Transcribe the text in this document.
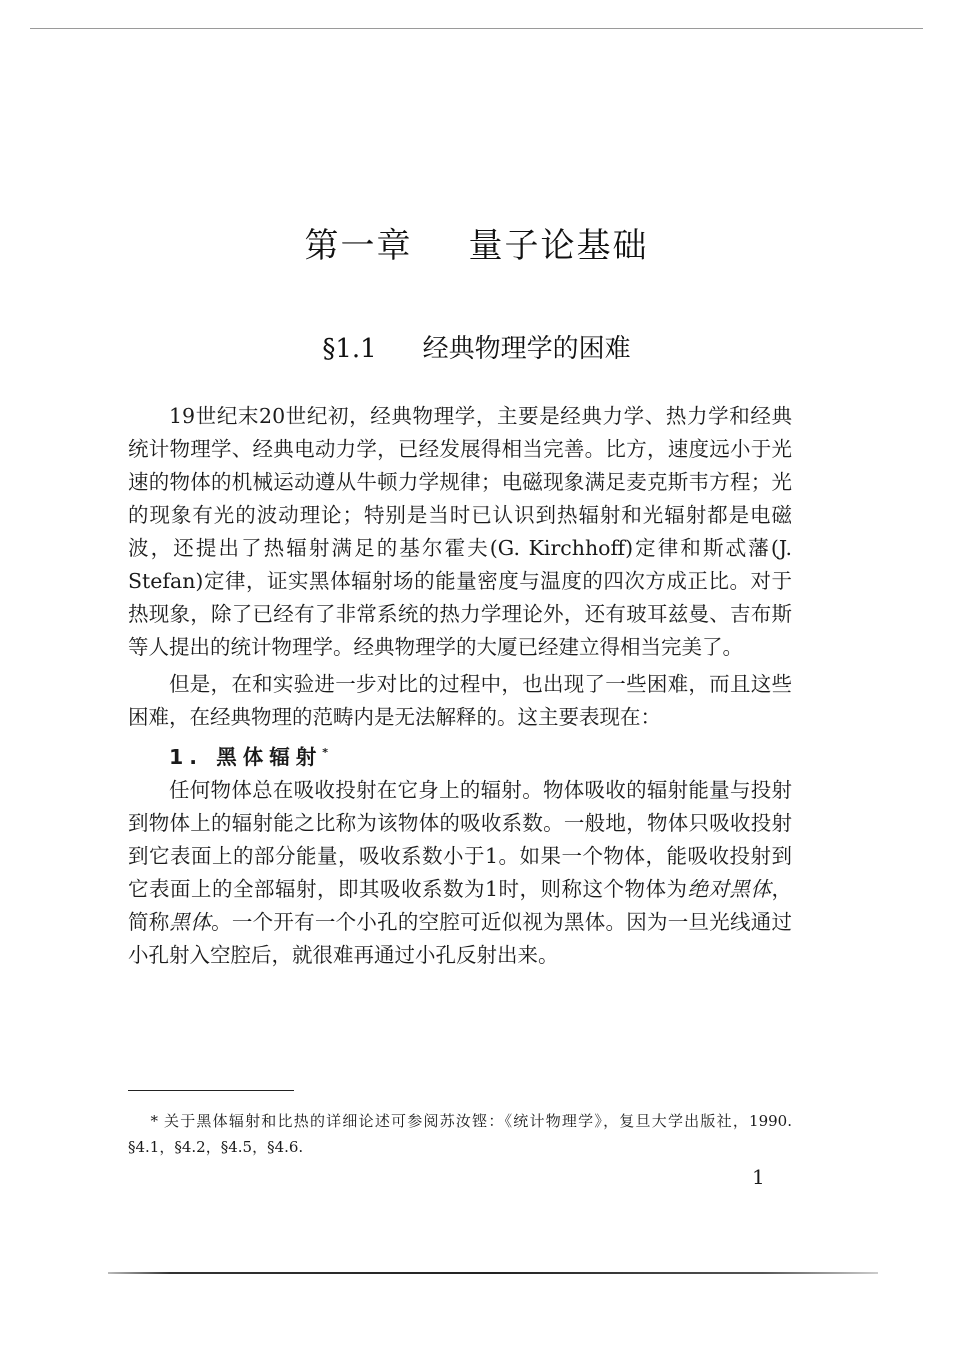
第一章 量子论基础
§1.1 经典物理学的困难

19世纪末20世纪初，经典物理学，主要是经典力学、热力学和经典统计物理学、经典电动力学，已经发展得相当完善。比方，速度远小于光速的物体的机械运动遵从牛顿力学规律；电磁现象满足麦克斯韦方程；光的现象有光的波动理论；特别是当时已认识到热辐射和光辐射都是电磁波，还提出了热辐射满足的基尔霍夫(G. Kirchhoff)定律和斯忒藩(J. Stefan)定律，证实黑体辐射场的能量密度与温度的四次方成正比。对于热现象，除了已经有了非常系统的热力学理论外，还有玻耳兹曼、吉布斯等人提出的统计物理学。经典物理学的大厦已经建立得相当完美了。

但是，在和实验进一步对比的过程中，也出现了一些困难，而且这些困难，在经典物理的范畴内是无法解释的。这主要表现在：

1. 黑体辐射*

任何物体总在吸收投射在它身上的辐射。物体吸收的辐射能量与投射到物体上的辐射能之比称为该物体的吸收系数。一般地，物体只吸收投射到它表面上的部分能量，吸收系数小于1。如果一个物体，能吸收投射到它表面上的全部辐射，即其吸收系数为1时，则称这个物体为绝对黑体，简称黑体。一个开有一个小孔的空腔可近似视为黑体。因为一旦光线通过小孔射入空腔后，就很难再通过小孔反射出来。

* 关于黑体辐射和比热的详细论述可参阅苏汝铿：《统计物理学》，复旦大学出版社，1990. §4.1，§4.2，§4.5，§4.6.
1
